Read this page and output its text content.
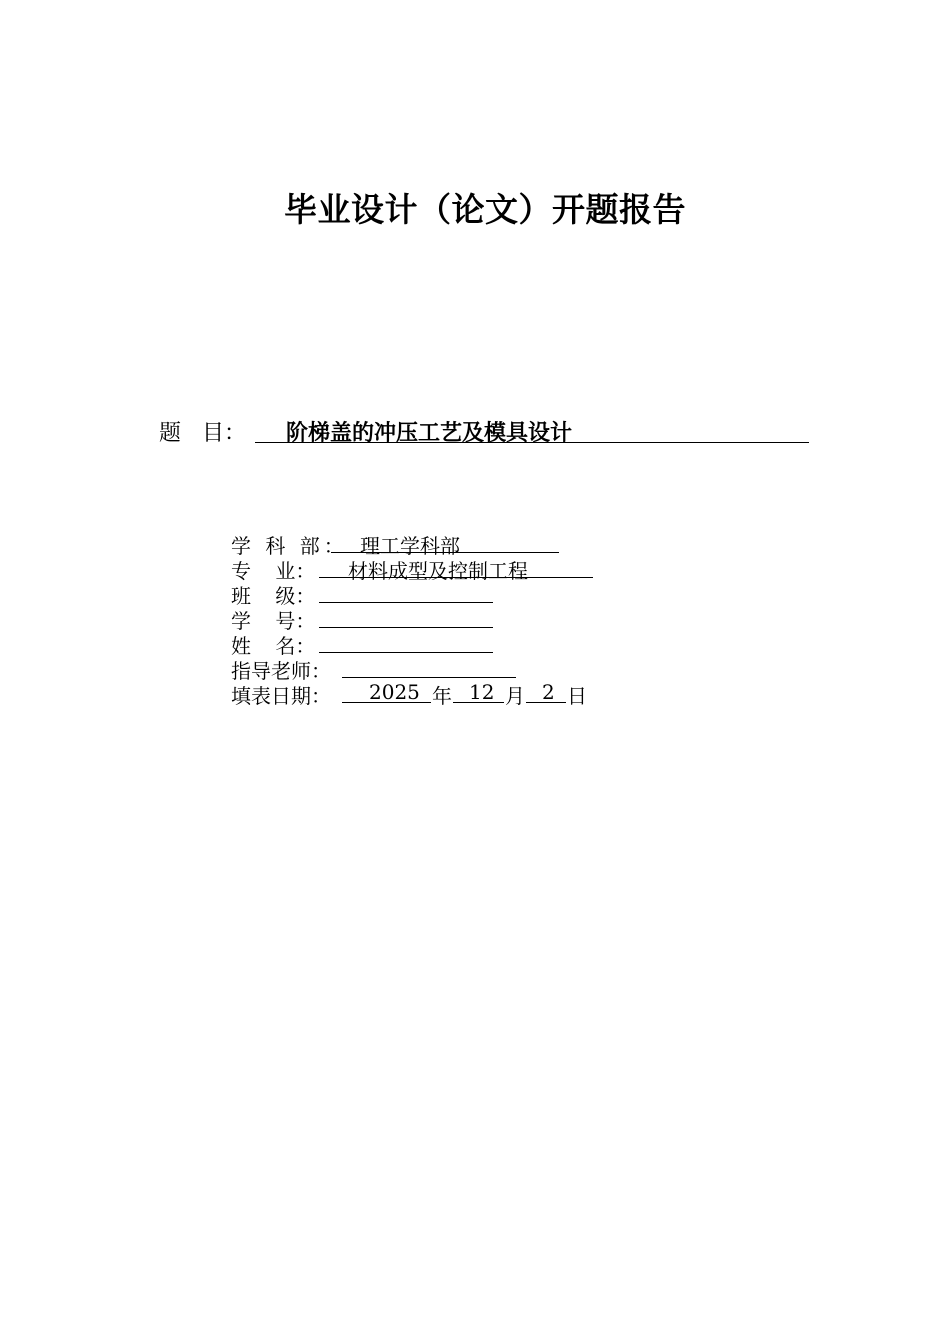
毕业设计（论文）开题报告
题 目： 阶梯盖的冲压工艺及模具设计
学 科 部： 理工学科部
专 业： 材料成型及控制工程
班 级：
学 号：
姓 名：
指导老师：
填表日期： 2025 年 12 月 2 日
